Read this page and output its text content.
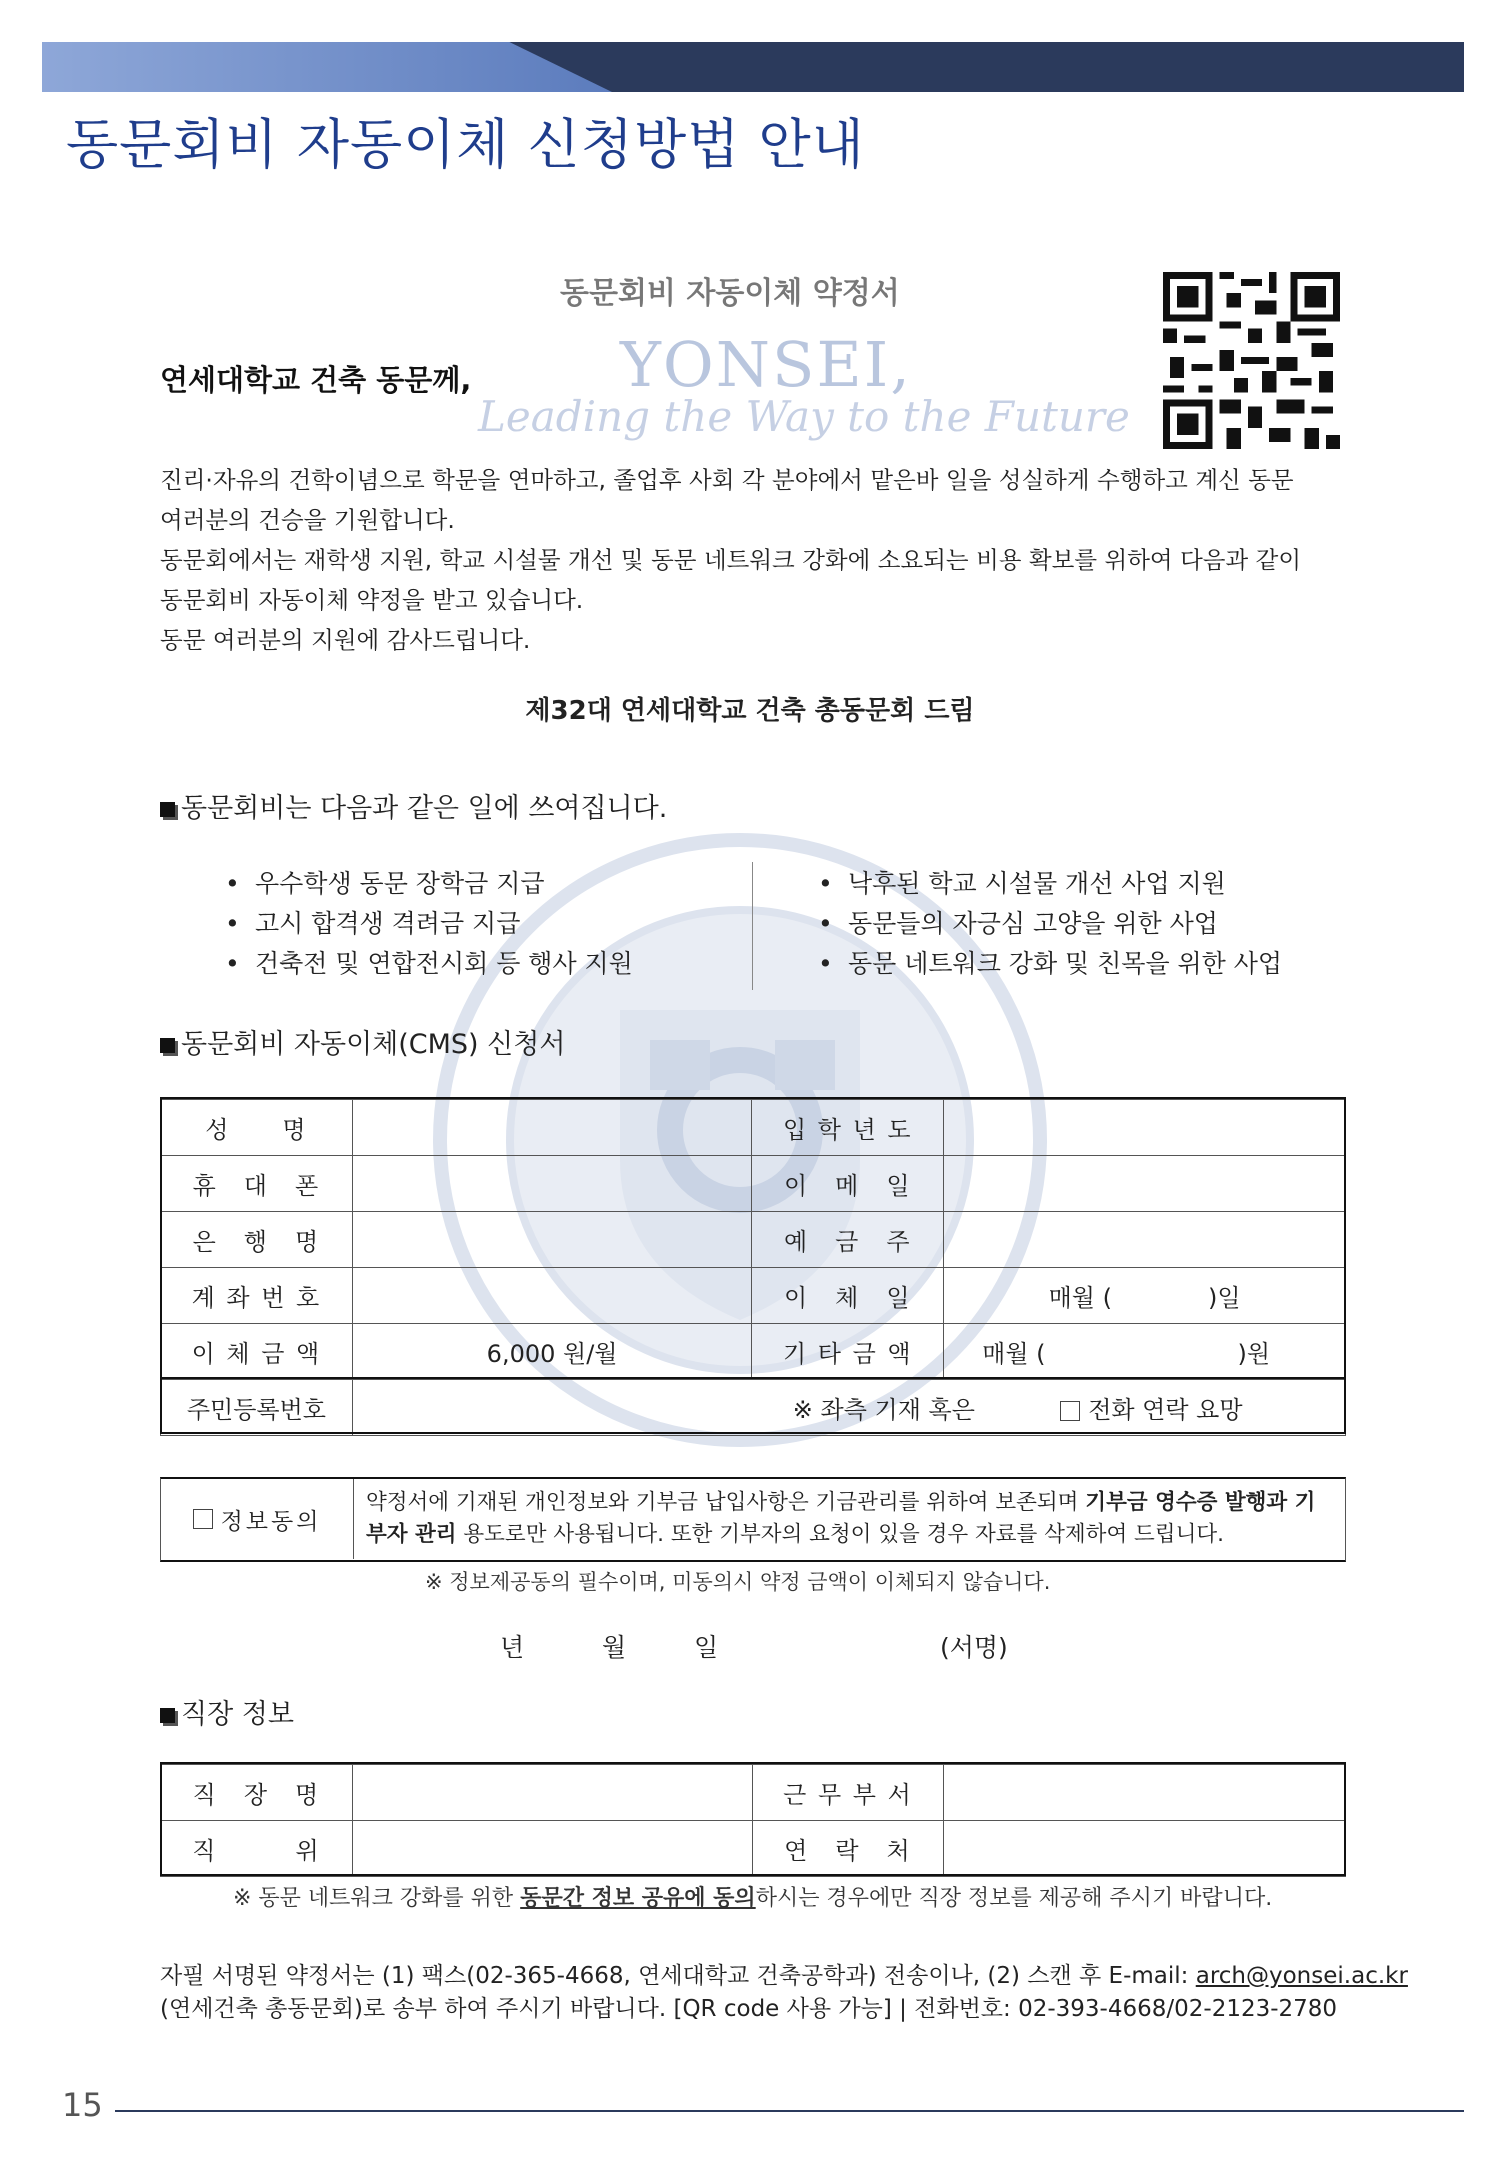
동문회비 자동이체 신청방법 안내
동문회비 자동이체 약정서
YONSEI,
Leading the Way to the Future
연세대학교 건축 동문께,
진리·자유의 건학이념으로 학문을 연마하고, 졸업후 사회 각 분야에서 맡은바 일을 성실하게 수행하고 계신 동문
여러분의 건승을 기원합니다.
동문회에서는 재학생 지원, 학교 시설물 개선 및 동문 네트워크 강화에 소요되는 비용 확보를 위하여 다음과 같이
동문회비 자동이체 약정을 받고 있습니다.
동문 여러분의 지원에 감사드립니다.
제32대 연세대학교 건축 총동문회 드림
동문회비는 다음과 같은 일에 쓰여집니다.
• 우수학생 동문 장학금 지급
• 고시 합격생 격려금 지급
• 건축전 및 연합전시회 등 행사 지원
• 낙후된 학교 시설물 개선 사업 지원
• 동문들의 자긍심 고양을 위한 사업
• 동문 네트워크 강화 및 친목을 위한 사업
동문회비 자동이체(CMS) 신청서
성　　명		입 학 년 도	
휴　대　폰		이　메　일	
은　행　명		예　금　주	
계 좌 번 호		이　체　일	매월 (　　　　)일
이 체 금 액	6,000 원/월	기 타 금 액	매월 (　　　　　　　　)원
주민등록번호	※ 좌측 기재 혹은 전화 연락 요망		
정보동의
약정서에 기재된 개인정보와 기부금 납입사항은 기금관리를 위하여 보존되며 기부금 영수증 발행과 기부자 관리 용도로만 사용됩니다. 또한 기부자의 요청이 있을 경우 자료를 삭제하여 드립니다.
※ 정보제공동의 필수이며, 미동의시 약정 금액이 이체되지 않습니다.
년	월	일	(서명)
직장 정보
직　장　명		근 무 부 서	
직　　　위		연　락　처	
※ 동문 네트워크 강화를 위한 동문간 정보 공유에 동의하시는 경우에만 직장 정보를 제공해 주시기 바랍니다.
자필 서명된 약정서는 (1) 팩스(02-365-4668, 연세대학교 건축공학과) 전송이나, (2) 스캔 후 E-mail: arch@yonsei.ac.kr
(연세건축 총동문회)로 송부 하여 주시기 바랍니다. [QR code 사용 가능] | 전화번호: 02-393-4668/02-2123-2780
15
